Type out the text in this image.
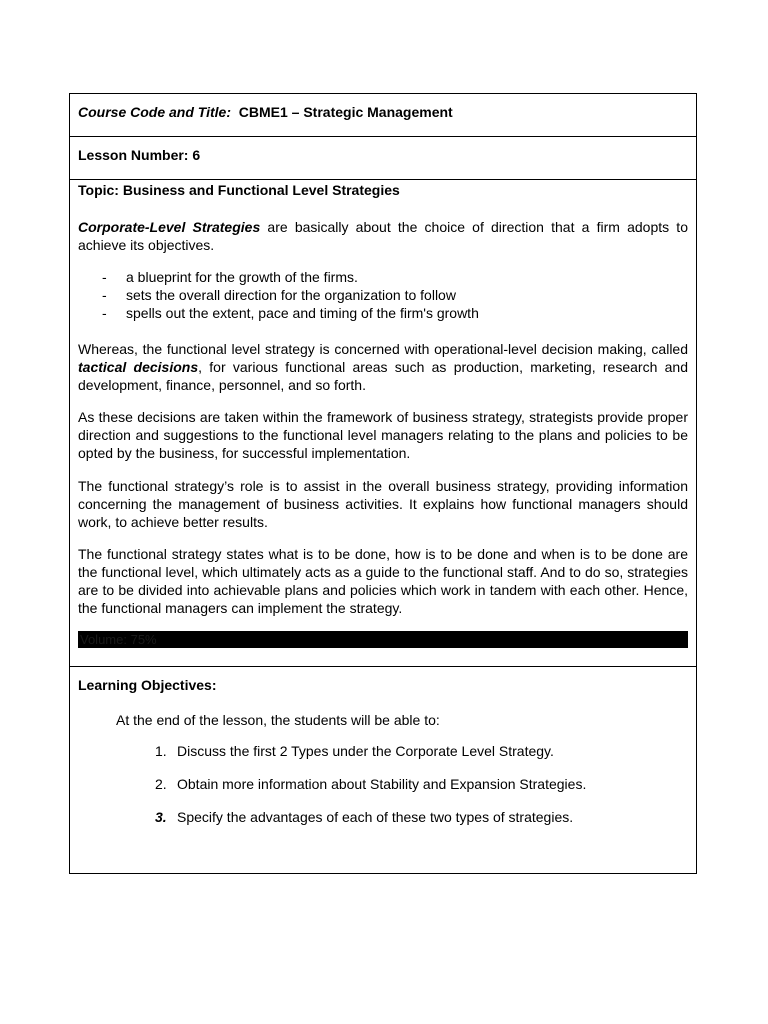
Course Code and Title: CBME1 – Strategic Management
Lesson Number: 6
Topic: Business and Functional Level Strategies
Corporate-Level Strategies are basically about the choice of direction that a firm adopts to achieve its objectives.
- a blueprint for the growth of the firms.
- sets the overall direction for the organization to follow
- spells out the extent, pace and timing of the firm's growth
Whereas, the functional level strategy is concerned with operational-level decision making, called tactical decisions, for various functional areas such as production, marketing, research and development, finance, personnel, and so forth.
As these decisions are taken within the framework of business strategy, strategists provide proper direction and suggestions to the functional level managers relating to the plans and policies to be opted by the business, for successful implementation.
The functional strategy’s role is to assist in the overall business strategy, providing information concerning the management of business activities. It explains how functional managers should work, to achieve better results.
The functional strategy states what is to be done, how is to be done and when is to be done are the functional level, which ultimately acts as a guide to the functional staff. And to do so, strategies are to be divided into achievable plans and policies which work in tandem with each other. Hence, the functional managers can implement the strategy.
Volume: 75%
Learning Objectives:
At the end of the lesson, the students will be able to:
1. Discuss the first 2 Types under the Corporate Level Strategy.
2. Obtain more information about Stability and Expansion Strategies.
3. Specify the advantages of each of these two types of strategies.
